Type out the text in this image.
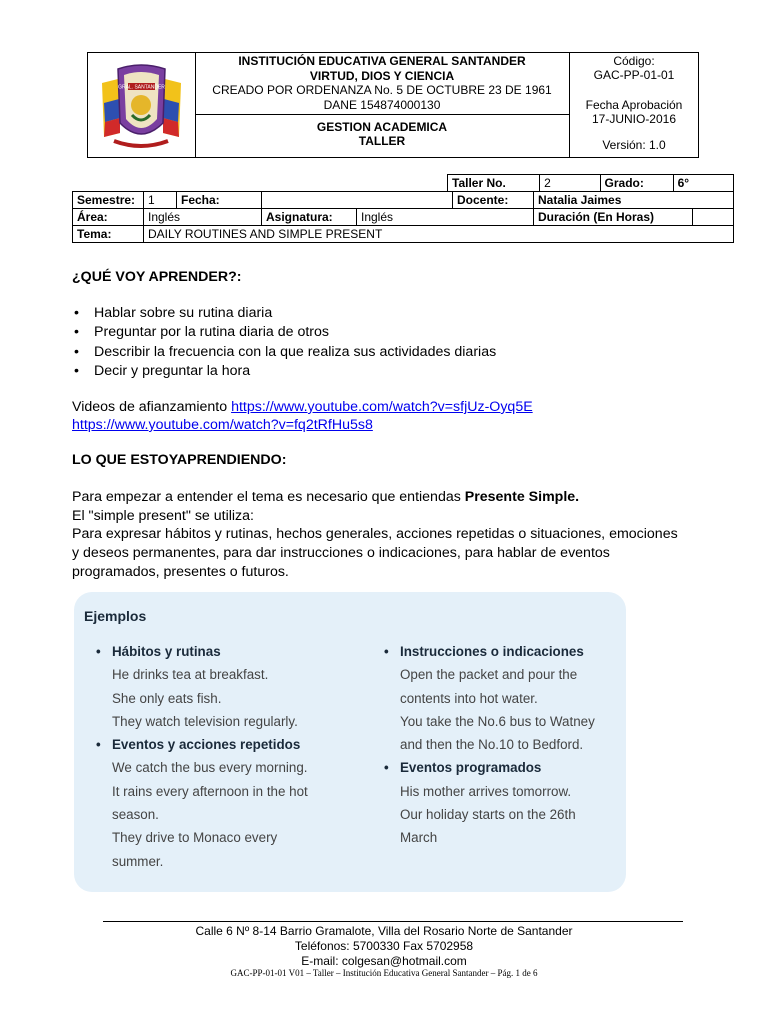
GRAL. SANTANDER
INSTITUCIÓN EDUCATIVA GENERAL SANTANDER
VIRTUD, DIOS Y CIENCIA
CREADO POR ORDENANZA No. 5 DE OCTUBRE 23 DE 1961
DANE 154874000130
GESTION ACADEMICA
TALLER
Código:
GAC-PP-01-01
Fecha Aprobación
17-JUNIO-2016
Versión: 1.0
Taller No.	2	Grado:	6°
Semestre:	1	Fecha:			Docente:	Natalia Jaimes	
Área:	Inglés		Asignatura:	Inglés		Duración (En Horas)	
Tema:	DAILY ROUTINES AND SIMPLE PRESENT						
¿QUÉ VOY APRENDER?:
• Hablar sobre su rutina diaria
• Preguntar por la rutina diaria de otros
• Describir la frecuencia con la que realiza sus actividades diarias
• Decir y preguntar la hora
Videos de afianzamiento https://www.youtube.com/watch?v=sfjUz-Oyq5E
https://www.youtube.com/watch?v=fq2tRfHu5s8
LO QUE ESTOYAPRENDIENDO:
Para empezar a entender el tema es necesario que entiendas Presente Simple.
El "simple present" se utiliza:
Para expresar hábitos y rutinas, hechos generales, acciones repetidas o situaciones, emociones
y deseos permanentes, para dar instrucciones o indicaciones, para hablar de eventos
programados, presentes o futuros.
Ejemplos
• Hábitos y rutinas
He drinks tea at breakfast.
She only eats fish.
They watch television regularly.
• Eventos y acciones repetidos
We catch the bus every morning.
It rains every afternoon in the hot
season.
They drive to Monaco every
summer.
• Instrucciones o indicaciones
Open the packet and pour the
contents into hot water.
You take the No.6 bus to Watney
and then the No.10 to Bedford.
• Eventos programados
His mother arrives tomorrow.
Our holiday starts on the 26th
March
Calle 6 Nº 8-14 Barrio Gramalote, Villa del Rosario Norte de Santander
Teléfonos: 5700330 Fax 5702958
E-mail: colgesan@hotmail.com
GAC-PP-01-01 V01 – Taller – Institución Educativa General Santander – Pág. 1 de 6
